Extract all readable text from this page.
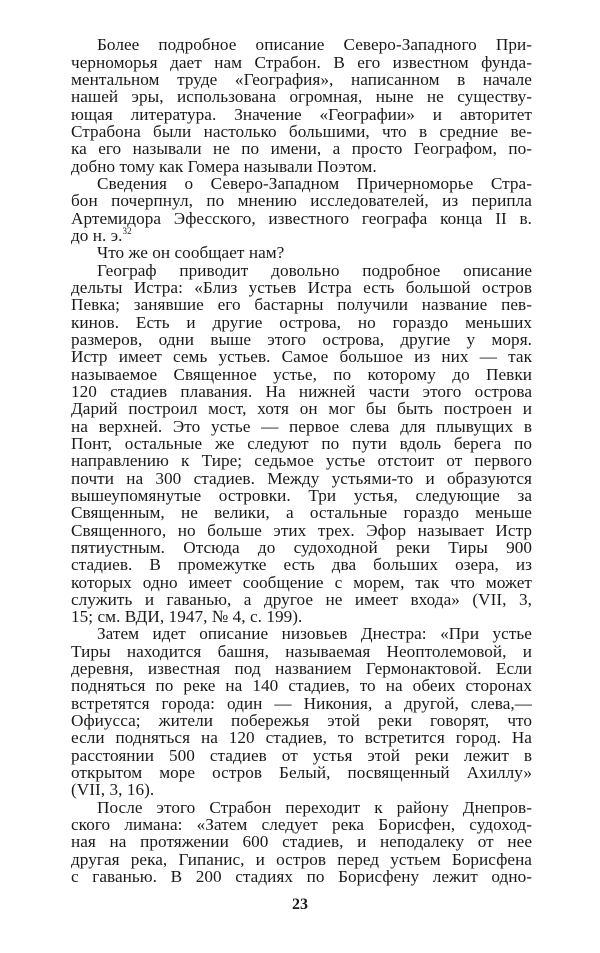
Более подробное описание Северо-Западного При-
черноморья дает нам Страбон. В его известном фунда-
ментальном труде «География», написанном в начале
нашей эры, использована огромная, ныне не существу-
ющая литература. Значение «Географии» и авторитет
Страбона были настолько большими, что в средние ве-
ка его называли не по имени, а просто Географом, по-
добно тому как Гомера называли Поэтом.
Сведения о Северо-Западном Причерноморье Стра-
бон почерпнул, по мнению исследователей, из перипла
Артемидора Эфесского, известного географа конца II в.
до н. э.$^{32}$
Что же он сообщает нам?
Географ приводит довольно подробное описание
дельты Истра: «Близ устьев Истра есть большой остров
Певка; занявшие его бастарны получили название пев-
кинов. Есть и другие острова, но гораздо меньших
размеров, одни выше этого острова, другие у моря.
Истр имеет семь устьев. Самое большое из них — так
называемое Священное устье, по которому до Певки
120 стадиев плавания. На нижней части этого острова
Дарий построил мост, хотя он мог бы быть построен и
на верхней. Это устье — первое слева для плывущих в
Понт, остальные же следуют по пути вдоль берега по
направлению к Тире; седьмое устье отстоит от первого
почти на 300 стадиев. Между устьями-то и образуются
вышеупомянутые островки. Три устья, следующие за
Священным, не велики, а остальные гораздо меньше
Священного, но больше этих трех. Эфор называет Истр
пятиустным. Отсюда до судоходной реки Тиры 900
стадиев. В промежутке есть два больших озера, из
которых одно имеет сообщение с морем, так что может
служить и гаванью, а другое не имеет входа» (VII, 3,
15; см. ВДИ, 1947, № 4, с. 199).
Затем идет описание низовьев Днестра: «При устье
Тиры находится башня, называемая Неоптолемовой, и
деревня, известная под названием Гермонактовой. Если
подняться по реке на 140 стадиев, то на обеих сторонах
встретятся города: один — Никония, а другой, слева,—
Офиусса; жители побережья этой реки говорят, что
если подняться на 120 стадиев, то встретится город. На
расстоянии 500 стадиев от устья этой реки лежит в
открытом море остров Белый, посвященный Ахиллу»
(VII, 3, 16).
После этого Страбон переходит к району Днепров-
ского лимана: «Затем следует река Борисфен, судоход-
ная на протяжении 600 стадиев, и неподалеку от нее
другая река, Гипанис, и остров перед устьем Борисфена
с гаванью. В 200 стадиях по Борисфену лежит одно-
23
